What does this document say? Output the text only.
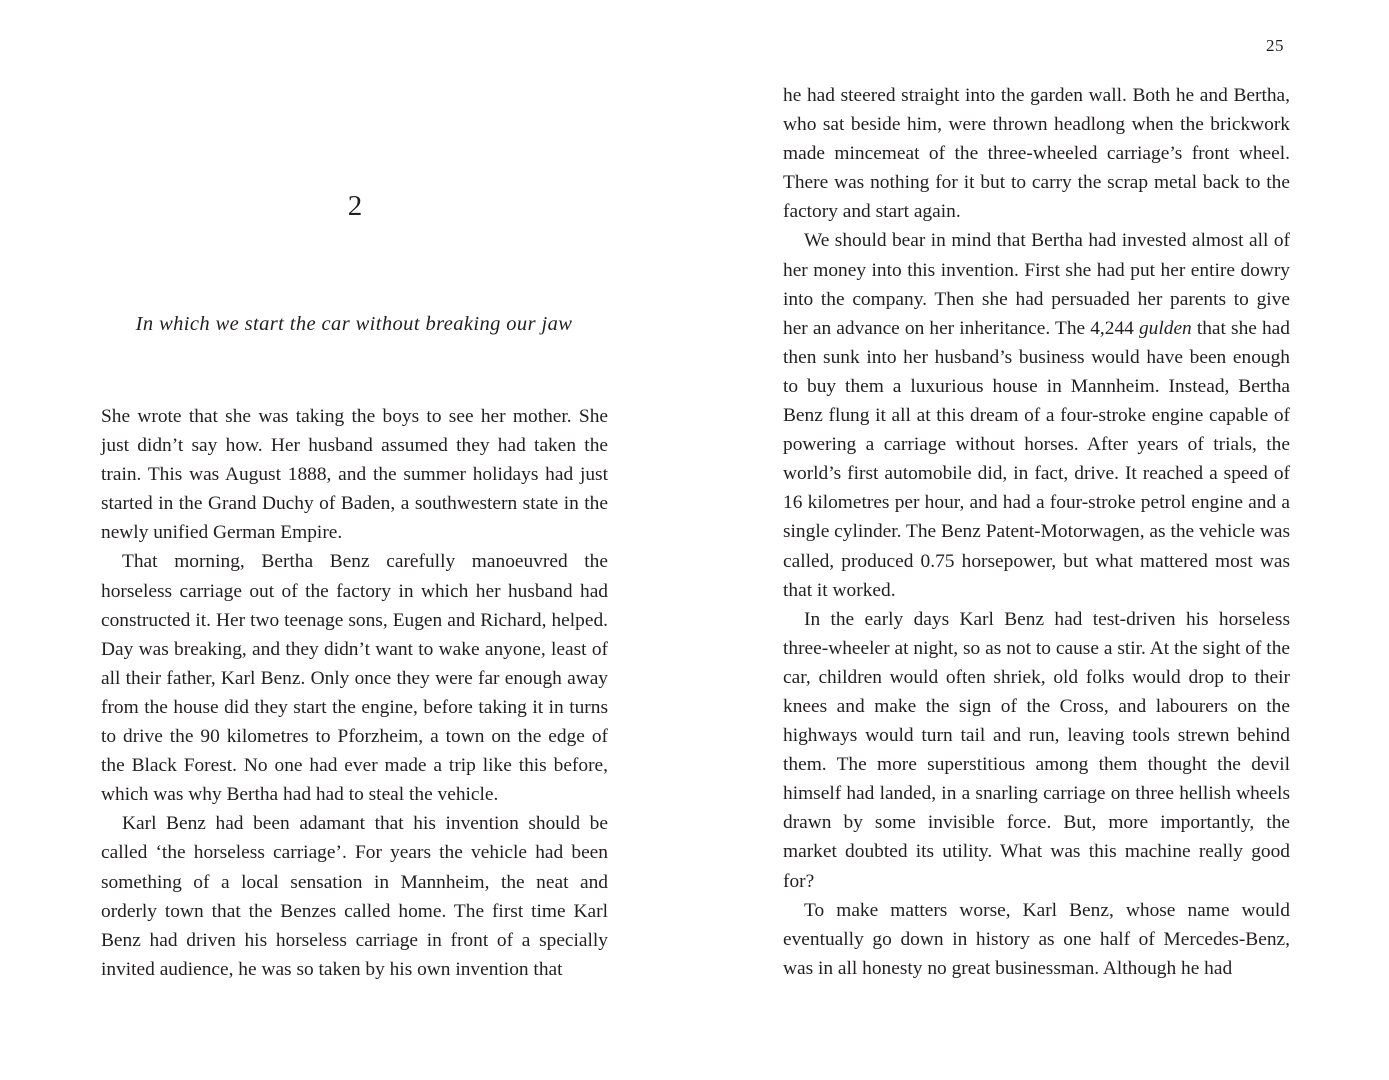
2
In which we start the car without breaking our jaw

She wrote that she was taking the boys to see her mother. She just didn’t say how. Her husband assumed they had taken the train. This was August 1888, and the summer holidays had just started in the Grand Duchy of Baden, a southwestern state in the newly unified German Empire.

That morning, Bertha Benz carefully manoeuvred the horseless carriage out of the factory in which her husband had constructed it. Her two teenage sons, Eugen and Richard, helped. Day was breaking, and they didn’t want to wake anyone, least of all their father, Karl Benz. Only once they were far enough away from the house did they start the engine, before taking it in turns to drive the 90 kilometres to Pforzheim, a town on the edge of the Black Forest. No one had ever made a trip like this before, which was why Bertha had had to steal the vehicle.

Karl Benz had been adamant that his invention should be called ‘the horseless carriage’. For years the vehicle had been something of a local sensation in Mannheim, the neat and orderly town that the Benzes called home. The first time Karl Benz had driven his horseless carriage in front of a specially invited audience, he was so taken by his own invention that

25

he had steered straight into the garden wall. Both he and Bertha, who sat beside him, were thrown headlong when the brickwork made mincemeat of the three-wheeled carriage’s front wheel. There was nothing for it but to carry the scrap metal back to the factory and start again.

We should bear in mind that Bertha had invested almost all of her money into this invention. First she had put her entire dowry into the company. Then she had persuaded her parents to give her an advance on her inheritance. The 4,244 gulden that she had then sunk into her husband’s business would have been enough to buy them a luxurious house in Mannheim. Instead, Bertha Benz flung it all at this dream of a four-stroke engine capable of powering a carriage without horses. After years of trials, the world’s first automobile did, in fact, drive. It reached a speed of 16 kilometres per hour, and had a four-stroke petrol engine and a single cylinder. The Benz Patent-Motorwagen, as the vehicle was called, produced 0.75 horsepower, but what mattered most was that it worked.

In the early days Karl Benz had test-driven his horseless three-wheeler at night, so as not to cause a stir. At the sight of the car, children would often shriek, old folks would drop to their knees and make the sign of the Cross, and labourers on the highways would turn tail and run, leaving tools strewn behind them. The more superstitious among them thought the devil himself had landed, in a snarling carriage on three hellish wheels drawn by some invisible force. But, more importantly, the market doubted its utility. What was this machine really good for?

To make matters worse, Karl Benz, whose name would eventually go down in history as one half of Mercedes-Benz, was in all honesty no great businessman. Although he had
